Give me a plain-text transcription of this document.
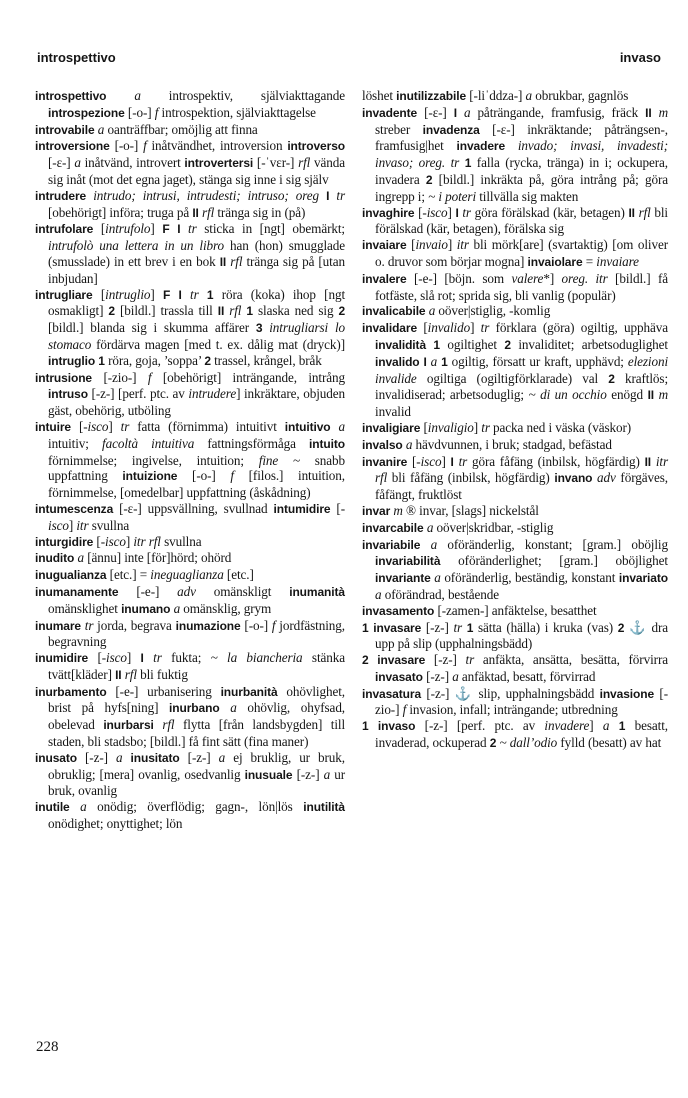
introspettivo	invaso

introspettivo a introspektiv, själviakttagande introspezione [-o-] f introspektion, själviakttagelse

introvabile a oanträffbar; omöjlig att finna

introversione [-o-] f inåtvändhet, introversion introverso [-ε-] a inåtvänd, introvert introvertersi [-ˈvεr-] rfl vända sig inåt (mot det egna jaget), stänga sig inne i sig själv

intrudere intrudo; intrusi, intrudesti; intruso; oreg I tr [obehörigt] införa; truga på II rfl tränga sig in (på)

intrufolare [intrufolo] F I tr sticka in [ngt] obemärkt; intrufolò una lettera in un libro han (hon) smugglade (smusslade) in ett brev i en bok II rfl tränga sig på [utan inbjudan]

intrugliare [intruglio] F I tr 1 röra (koka) ihop [ngt osmakligt] 2 [bildl.] trassla till II rfl 1 slaska ned sig 2 [bildl.] blanda sig i skumma affärer 3 intrugliarsi lo stomaco fördärva magen [med t. ex. dålig mat (dryck)] intruglio 1 röra, goja, ’soppa’ 2 trassel, krångel, bråk

intrusione [-zio-] f [obehörigt] inträngande, intrång intruso [-z-] [perf. ptc. av intrudere] inkräktare, objuden gäst, obehörig, utböling

intuire [-isco] tr fatta (förnimma) intuitivt intuitivo a intuitiv; facoltà intuitiva fattningsförmåga intuito förnimmelse; ingivelse, intuition; fine ~ snabb uppfattning intuizione [-o-] f [filos.] intuition, förnimmelse, [omedelbar] uppfattning (åskådning)

intumescenza [-ε-] uppsvällning, svullnad intumidire [-isco] itr svullna

inturgidire [-isco] itr rfl svullna

inudito a [ännu] inte [för]hörd; ohörd

inugualianza [etc.] = ineguaglianza [etc.]

inumanamente [-e-] adv omänskligt inumanità omänsklighet inumano a omänsklig, grym

inumare tr jorda, begrava inumazione [-o-] f jordfästning, begravning

inumidire [-isco] I tr fukta; ~ la biancheria stänka tvätt[kläder] II rfl bli fuktig

inurbamento [-e-] urbanisering inurbanità ohövlighet, brist på hyfs[ning] inurbano a ohövlig, ohyfsad, obelevad inurbarsi rfl flytta [från landsbygden] till staden, bli stadsbo; [bildl.] få fint sätt (fina maner)

inusato [-z-] a inusitato [-z-] a ej bruklig, ur bruk, obruklig; [mera] ovanlig, osedvanlig inusuale [-z-] a ur bruk, ovanlig

inutile a onödig; överflödig; gagn-, lön|lös inutilità onödighet; onyttighet; lön

löshet inutilizzabile [-liˈddza-] a obrukbar, gagnlös

invadente [-ε-] I a påträngande, framfusig, fräck II m streber invadenza [-ε-] inkräktande; påträngsen-, framfusig|het invadere invado; invasi, invadesti; invaso; oreg. tr 1 falla (rycka, tränga) in i; ockupera, invadera 2 [bildl.] inkräkta på, göra intrång på; göra ingrepp i; ~ i poteri tillvälla sig makten

invaghire [-isco] I tr göra förälskad (kär, betagen) II rfl bli förälskad (kär, betagen), förälska sig

invaiare [invaio] itr bli mörk[are] (svartaktig) [om oliver o. druvor som börjar mogna] invaiolare = invaiare

invalere [-e-] [böjn. som valere*] oreg. itr [bildl.] få fotfäste, slå rot; sprida sig, bli vanlig (populär)

invalicabile a oöver|stiglig, -komlig

invalidare [invalido] tr förklara (göra) ogiltig, upphäva invalidità 1 ogiltighet 2 invaliditet; arbetsoduglighet invalido I a 1 ogiltig, försatt ur kraft, upphävd; elezioni invalide ogiltiga (ogiltigförklarade) val 2 kraftlös; invalidiserad; arbetsoduglig; ~ di un occhio enögd II m invalid

invaligiare [invaligio] tr packa ned i väska (väskor)

invalso a hävdvunnen, i bruk; stadgad, befästad

invanire [-isco] I tr göra fåfäng (inbilsk, högfärdig) II itr rfl bli fåfäng (inbilsk, högfärdig) invano adv förgäves, fåfängt, fruktlöst

invar m ® invar, [slags] nickelstål

invarcabile a oöver|skridbar, -stiglig

invariabile a oföränderlig, konstant; [gram.] oböjlig invariabilità oföränderlighet; [gram.] oböjlighet invariante a oföränderlig, beständig, konstant invariato a oförändrad, bestående

invasamento [-zamen-] anfäktelse, besatthet

1 invasare [-z-] tr 1 sätta (hälla) i kruka (vas) 2 ⚓ dra upp på slip (upphalningsbädd)

2 invasare [-z-] tr anfäkta, ansätta, besätta, förvirra invasato [-z-] a anfäktad, besatt, förvirrad

invasatura [-z-] ⚓ slip, upphalningsbädd invasione [-zio-] f invasion, infall; inträngande; utbredning

1 invaso [-z-] [perf. ptc. av invadere] a 1 besatt, invaderad, ockuperad 2 ~ dall’odio fylld (besatt) av hat

228
